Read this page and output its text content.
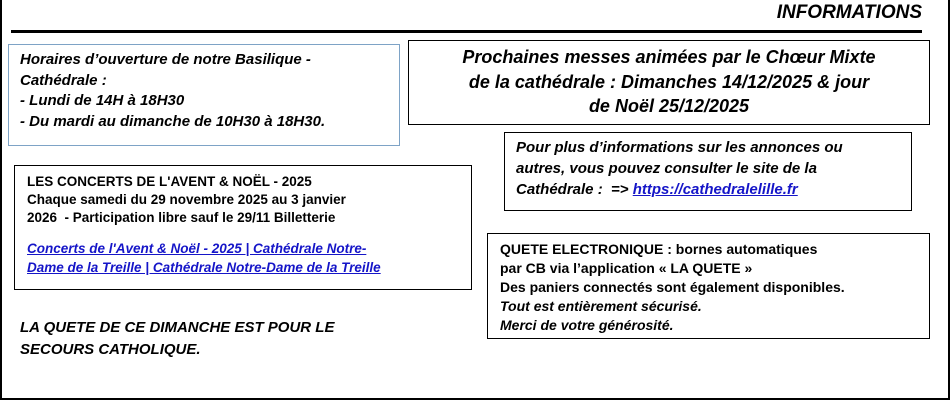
INFORMATIONS
Horaires d’ouverture de notre Basilique -
Cathédrale :
- Lundi de 14H à 18H30
- Du mardi au dimanche de 10H30 à 18H30.
Prochaines messes animées par le Chœur Mixte
de la cathédrale : Dimanches 14/12/2025 & jour
de Noël 25/12/2025
Pour plus d’informations sur les annonces ou
autres, vous pouvez consulter le site de la
Cathédrale :  => https://cathedralelille.fr
LES CONCERTS DE L'AVENT & NOËL - 2025
Chaque samedi du 29 novembre 2025 au 3 janvier
2026  - Participation libre sauf le 29/11 Billetterie
Concerts de l'Avent & Noël - 2025 | Cathédrale Notre-
Dame de la Treille | Cathédrale Notre-Dame de la Treille
QUETE ELECTRONIQUE : bornes automatiques
par CB via l’application « LA QUETE »
Des paniers connectés sont également disponibles.
Tout est entièrement sécurisé.
Merci de votre générosité.
LA QUETE DE CE DIMANCHE EST POUR LE
SECOURS CATHOLIQUE.
